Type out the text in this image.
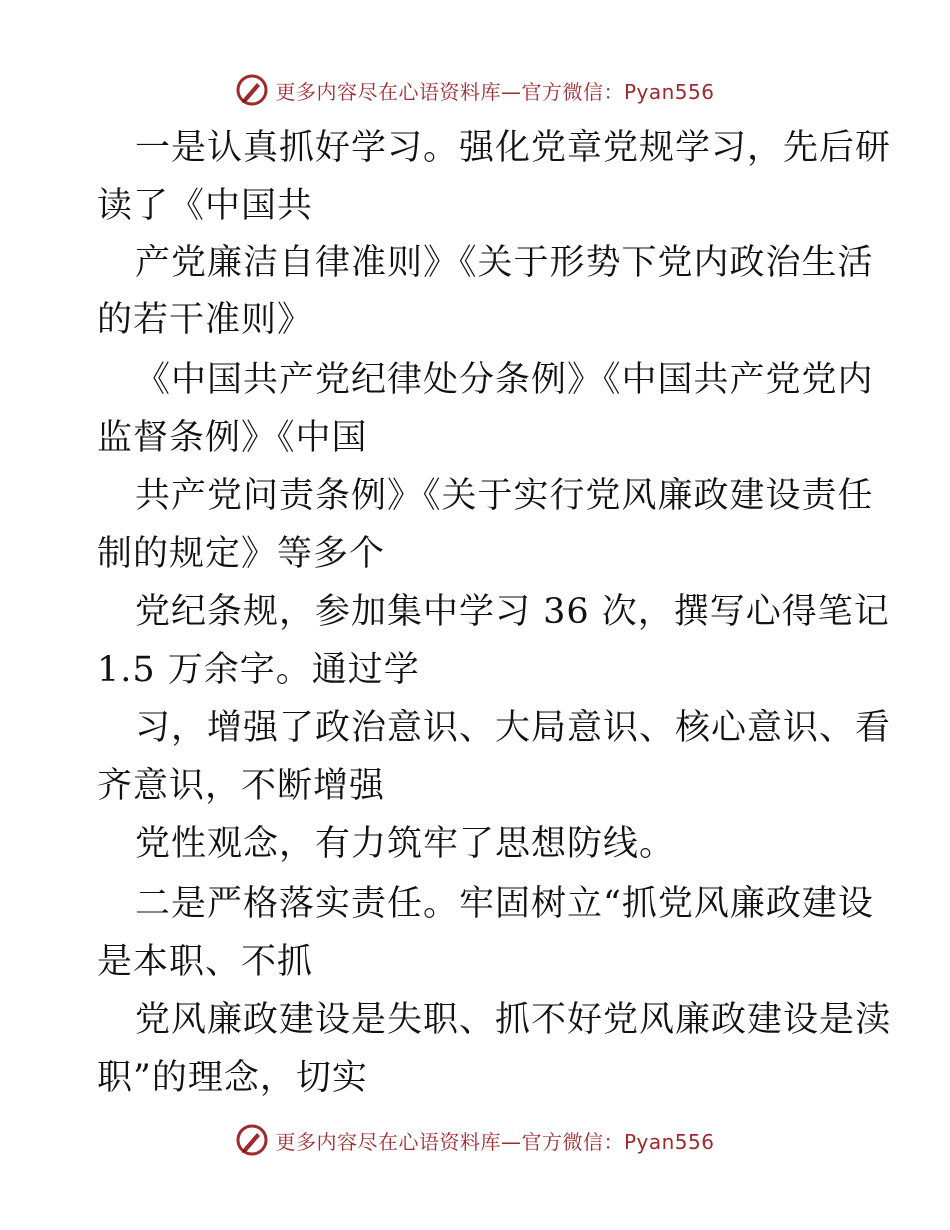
更多内容尽在心语资料库—官方微信：Pyan556
一是认真抓好学习。强化党章党规学习，先后研
读了《中国共
产党廉洁自律准则》《关于形势下党内政治生活
的若干准则》
《中国共产党纪律处分条例》《中国共产党党内
监督条例》《中国
共产党问责条例》《关于实行党风廉政建设责任
制的规定》等多个
党纪条规，参加集中学习 36 次，撰写心得笔记
1.5 万余字。通过学
习，增强了政治意识、大局意识、核心意识、看
齐意识，不断增强
党性观念，有力筑牢了思想防线。
二是严格落实责任。牢固树立“抓党风廉政建设
是本职、不抓
党风廉政建设是失职、抓不好党风廉政建设是渎
职”的理念，切实
更多内容尽在心语资料库—官方微信：Pyan556
